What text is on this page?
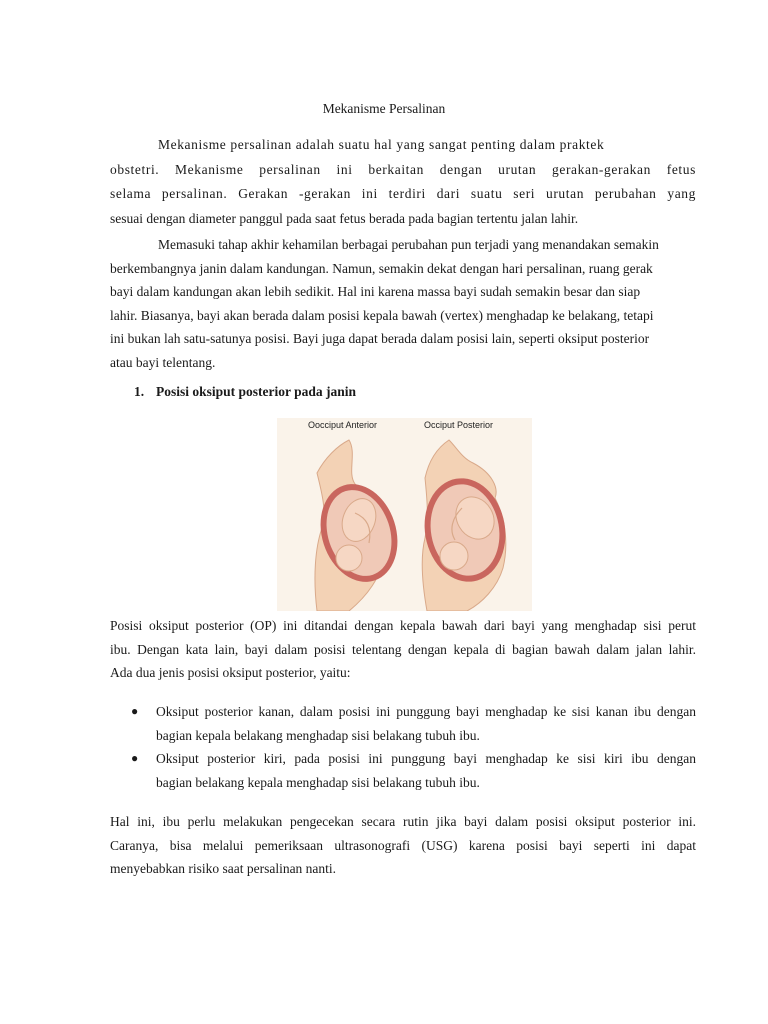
Mekanisme Persalinan

Mekanisme persalinan adalah suatu hal yang sangat penting dalam praktek
obstetri. Mekanisme persalinan ini berkaitan dengan urutan gerakan-gerakan fetus
selama persalinan. Gerakan -gerakan ini terdiri dari suatu seri urutan perubahan yang
sesuai dengan diameter panggul pada saat fetus berada pada bagian tertentu jalan lahir.

Memasuki tahap akhir kehamilan berbagai perubahan pun terjadi yang menandakan semakin
berkembangnya janin dalam kandungan. Namun, semakin dekat dengan hari persalinan, ruang gerak
bayi dalam kandungan akan lebih sedikit. Hal ini karena massa bayi sudah semakin besar dan siap
lahir. Biasanya, bayi akan berada dalam posisi kepala bawah (vertex) menghadap ke belakang, tetapi
ini bukan lah satu-satunya posisi. Bayi juga dapat berada dalam posisi lain, seperti oksiput posterior
atau bayi telentang.

1. Posisi oksiput posterior pada janin
Oocciput Anterior	Occiput Posterior

Posisi oksiput posterior (OP) ini ditandai dengan kepala bawah dari bayi yang menghadap sisi perut
ibu. Dengan kata lain, bayi dalam posisi telentang dengan kepala di bagian bawah dalam jalan lahir.
Ada dua jenis posisi oksiput posterior, yaitu:

● Oksiput posterior kanan, dalam posisi ini punggung bayi menghadap ke sisi kanan ibu dengan
bagian kepala belakang menghadap sisi belakang tubuh ibu.
● Oksiput posterior kiri, pada posisi ini punggung bayi menghadap ke sisi kiri ibu dengan
bagian belakang kepala menghadap sisi belakang tubuh ibu.

Hal ini, ibu perlu melakukan pengecekan secara rutin jika bayi dalam posisi oksiput posterior ini.
Caranya, bisa melalui pemeriksaan ultrasonografi (USG) karena posisi bayi seperti ini dapat
menyebabkan risiko saat persalinan nanti.
